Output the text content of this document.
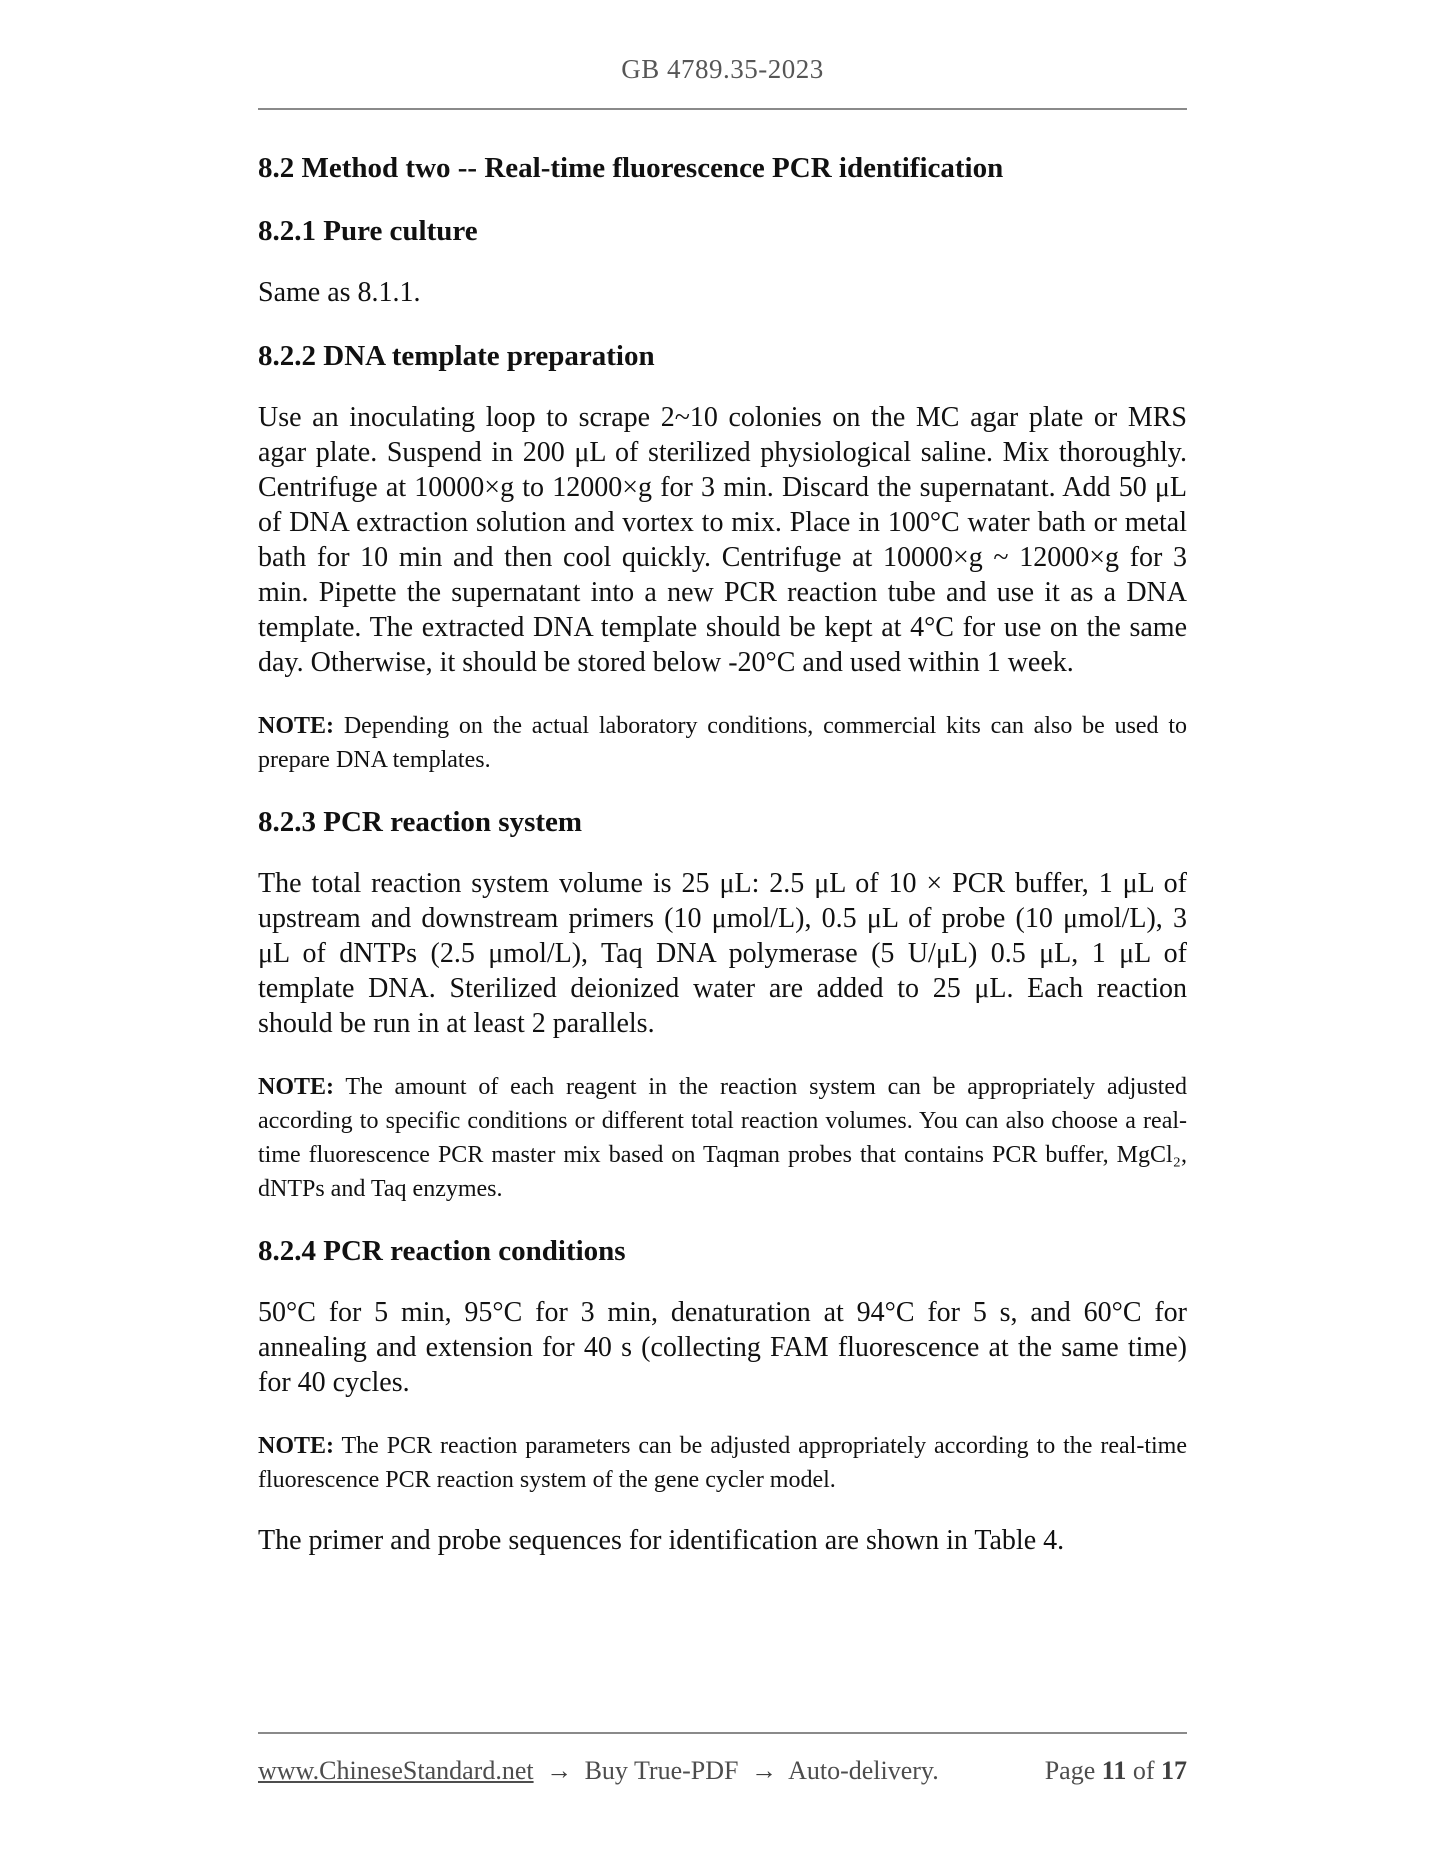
GB 4789.35-2023
8.2 Method two -- Real-time fluorescence PCR identification
8.2.1 Pure culture

Same as 8.1.1.

8.2.2 DNA template preparation

Use an inoculating loop to scrape 2~10 colonies on the MC agar plate or MRS agar plate. Suspend in 200 μL of sterilized physiological saline. Mix thoroughly. Centrifuge at 10000×g to 12000×g for 3 min. Discard the supernatant. Add 50 μL of DNA extraction solution and vortex to mix. Place in 100°C water bath or metal bath for 10 min and then cool quickly. Centrifuge at 10000×g ~ 12000×g for 3 min. Pipette the supernatant into a new PCR reaction tube and use it as a DNA template. The extracted DNA template should be kept at 4°C for use on the same day. Otherwise, it should be stored below -20°C and used within 1 week.

NOTE: Depending on the actual laboratory conditions, commercial kits can also be used to prepare DNA templates.

8.2.3 PCR reaction system

The total reaction system volume is 25 μL: 2.5 μL of 10 × PCR buffer, 1 μL of upstream and downstream primers (10 μmol/L), 0.5 μL of probe (10 μmol/L), 3 μL of dNTPs (2.5 μmol/L), Taq DNA polymerase (5 U/μL) 0.5 μL, 1 μL of template DNA. Sterilized deionized water are added to 25 μL. Each reaction should be run in at least 2 parallels.

NOTE: The amount of each reagent in the reaction system can be appropriately adjusted according to specific conditions or different total reaction volumes. You can also choose a real-time fluorescence PCR master mix based on Taqman probes that contains PCR buffer, MgCl₂, dNTPs and Taq enzymes.

8.2.4 PCR reaction conditions

50°C for 5 min, 95°C for 3 min, denaturation at 94°C for 5 s, and 60°C for annealing and extension for 40 s (collecting FAM fluorescence at the same time) for 40 cycles.

NOTE: The PCR reaction parameters can be adjusted appropriately according to the real-time fluorescence PCR reaction system of the gene cycler model.

The primer and probe sequences for identification are shown in Table 4.

www.ChineseStandard.net → Buy True-PDF → Auto-delivery.	Page 11 of 17
